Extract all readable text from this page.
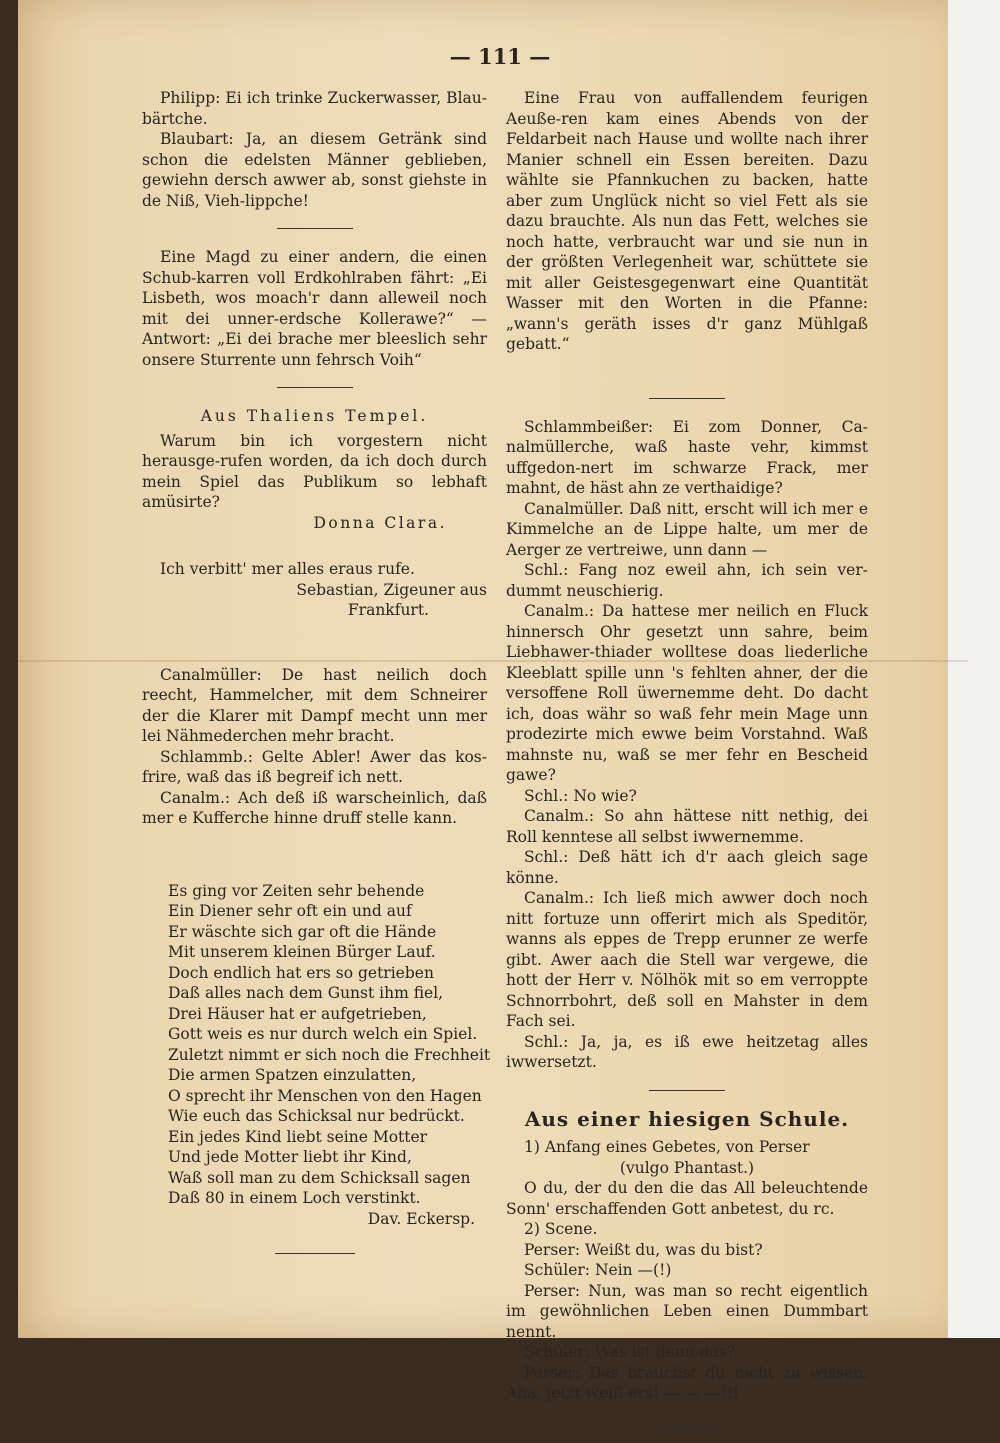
— 111 —

Philipp: Ei ich trinke Zuckerwasser, Blau-bärtche.

Blaubart: Ja, an diesem Getränk sind schon die edelsten Männer geblieben, gewiehn dersch awwer ab, sonst giehste in de Niß, Vieh-lippche!

Eine Magd zu einer andern, die einen Schub-karren voll Erdkohlraben fährt: „Ei Lisbeth, wos moach'r dann alleweil noch mit dei unner-erdsche Kollerawe?“ — Antwort: „Ei dei brache mer bleeslich sehr onsere Sturrente unn fehrsch Voih“

Aus Thaliens Tempel.

Warum bin ich vorgestern nicht herausge-rufen worden, da ich doch durch mein Spiel das Publikum so lebhaft amüsirte?

Donna Clara.

Ich verbitt' mer alles eraus rufe.

Sebastian, Zigeuner aus
Frankfurt.

Canalmüller: De hast neilich doch reecht, Hammelcher, mit dem Schneirer der die Klarer mit Dampf mecht unn mer lei Nähmederchen mehr bracht.

Schlammb.: Gelte Abler! Awer das kos-frire, waß das iß begreif ich nett.

Canalm.: Ach deß iß warscheinlich, daß mer e Kufferche hinne druff stelle kann.

Es ging vor Zeiten sehr behende
Ein Diener sehr oft ein und auf
Er wäschte sich gar oft die Hände
Mit unserem kleinen Bürger Lauf.
Doch endlich hat ers so getrieben
Daß alles nach dem Gunst ihm fiel,
Drei Häuser hat er aufgetrieben,
Gott weis es nur durch welch ein Spiel.
Zuletzt nimmt er sich noch die Frechheit
Die armen Spatzen einzulatten,
O sprecht ihr Menschen von den Hagen
Wie euch das Schicksal nur bedrückt.
Ein jedes Kind liebt seine Motter
Und jede Motter liebt ihr Kind,
Waß soll man zu dem Schicksall sagen
Daß 80 in einem Loch verstinkt.
Dav. Eckersp.

Eine Frau von auffallendem feurigen Aeuße-ren kam eines Abends von der Feldarbeit nach Hause und wollte nach ihrer Manier schnell ein Essen bereiten. Dazu wählte sie Pfannkuchen zu backen, hatte aber zum Unglück nicht so viel Fett als sie dazu brauchte. Als nun das Fett, welches sie noch hatte, verbraucht war und sie nun in der größten Verlegenheit war, schüttete sie mit aller Geistesgegenwart eine Quantität Wasser mit den Worten in die Pfanne: „wann's geräth isses d'r ganz Mühlgaß gebatt.“

Schlammbeißer: Ei zom Donner, Ca-nalmüllerche, waß haste vehr, kimmst uffgedon-nert im schwarze Frack, mer mahnt, de häst ahn ze verthaidige?

Canalmüller. Daß nitt, erscht will ich mer e Kimmelche an de Lippe halte, um mer de Aerger ze vertreiwe, unn dann —

Schl.: Fang noz eweil ahn, ich sein ver-dummt neuschierig.

Canalm.: Da hattese mer neilich en Fluck hinnersch Ohr gesetzt unn sahre, beim Liebhawer-thiader wolltese doas liederliche Kleeblatt spille unn 's fehlten ahner, der die versoffene Roll üwernemme deht. Do dacht ich, doas währ so waß fehr mein Mage unn prodezirte mich ewwe beim Vorstahnd. Waß mahnste nu, waß se mer fehr en Bescheid gawe?

Schl.: No wie?

Canalm.: So ahn hättese nitt nethig, dei Roll kenntese all selbst iwwernemme.

Schl.: Deß hätt ich d'r aach gleich sage könne.

Canalm.: Ich ließ mich awwer doch noch nitt fortuze unn offerirt mich als Speditör, wanns als eppes de Trepp erunner ze werfe gibt. Awer aach die Stell war vergewe, die hott der Herr v. Nölhök mit so em verroppte Schnorrbohrt, deß soll en Mahster in dem Fach sei.

Schl.: Ja, ja, es iß ewe heitzetag alles iwwersetzt.

Aus einer hiesigen Schule.

1) Anfang eines Gebetes, von Perser

(vulgo Phantast.)

O du, der du den die das All beleuchtende Sonn' erschaffenden Gott anbetest, du rc.

2) Scene.

Perser: Weißt du, was du bist?

Schüler: Nein —(!)

Perser: Nun, was man so recht eigentlich im gewöhnlichen Leben einen Dummbart nennt.

Schüler: Was ist denn das?

Perser: Das brauchst du nicht zu wissen. Aha, jetzt weiß ers! — — —!!!
